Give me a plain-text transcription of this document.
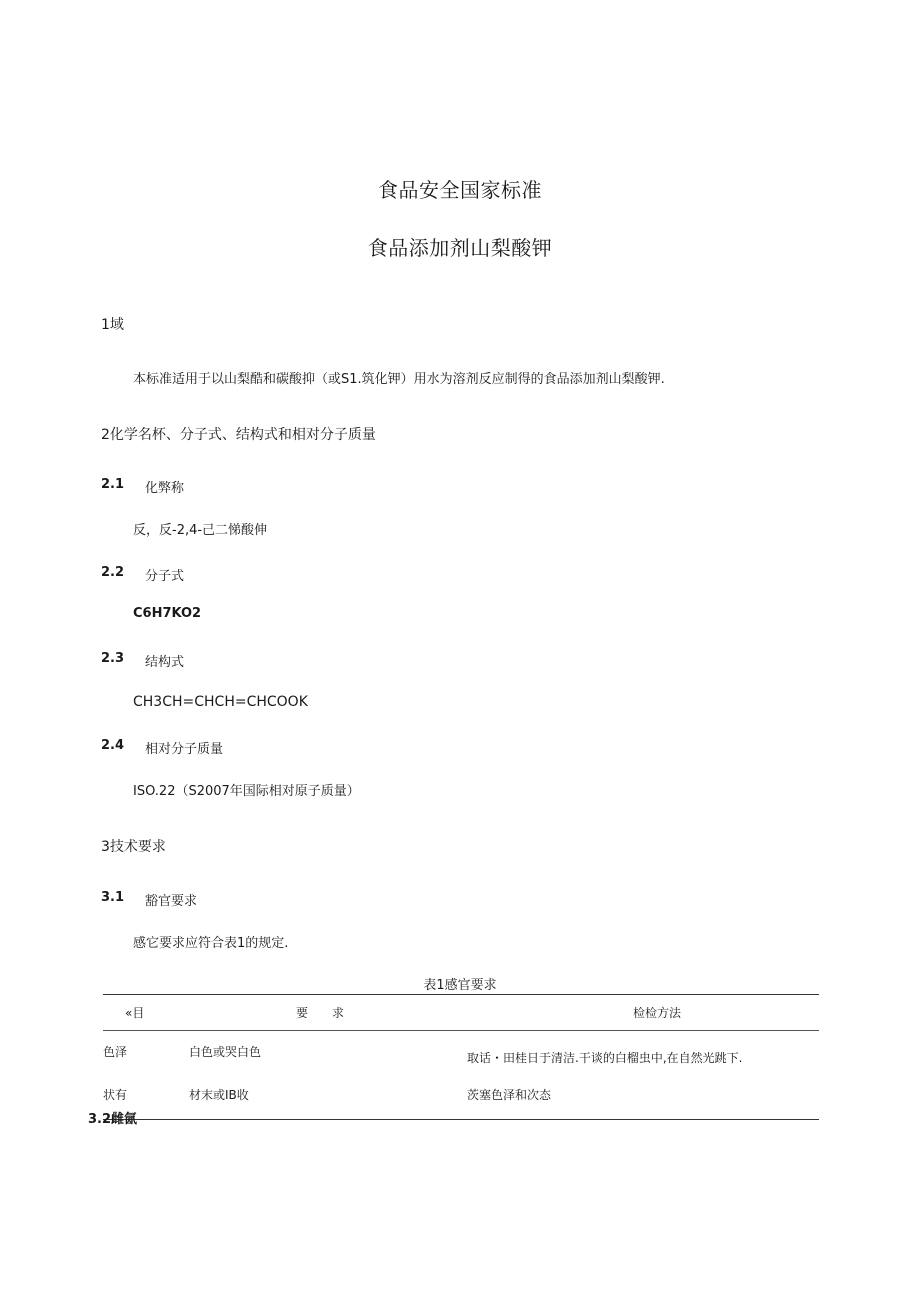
食品安全国家标准
食品添加剂山梨酸钾
1域
本标准适用于以山梨酷和碳酸抑（或S1.筑化钾）用水为溶剂反应制得的食品添加剂山梨酸钾.
2化学名杯、分子式、结构式和相对分子质量
2.1 化弊称
反，反-2,4-己二悌酸伸
2.2 分子式
C6H7KO2
2.3 结构式
CH3CH=CHCH=CHCOOK
2.4 相对分子质量
ISO.22（S2007年国际相对原子质量）
3技术要求
3.1 豁官要求
感它要求应符合表1的规定.
表1感官要求
«目	要　　求	检检方法
色泽	白色或哭白色	取话・田桂日于清洁.干谈的白榴虫中,在自然光跳下.
状有	材末或IB收	茨塞色泽和次态
3.2雌氤
